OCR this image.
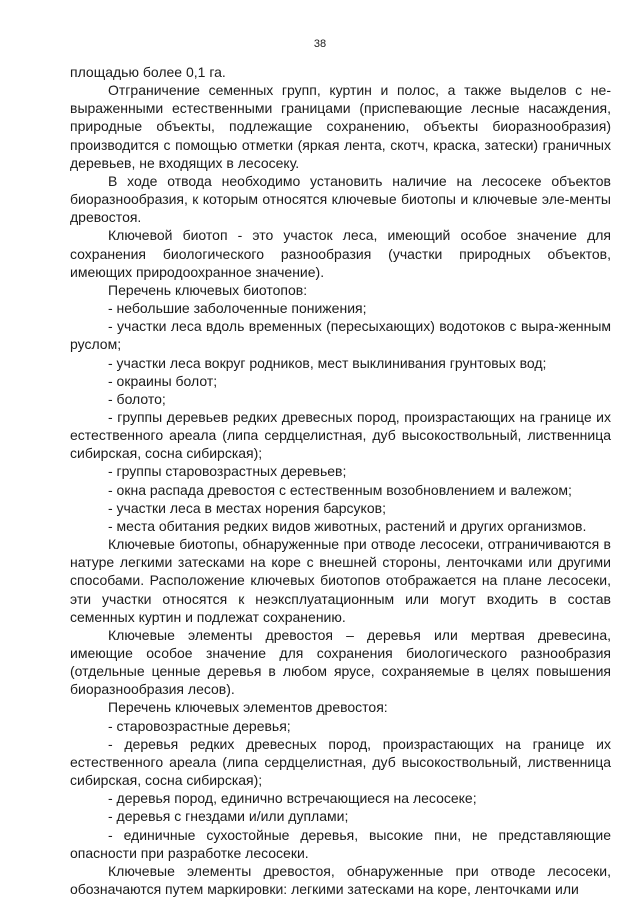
38

площадью более 0,1 га.

Отграничение семенных групп, куртин и полос, а также выделов с не-выраженными естественными границами (приспевающие лесные насаждения, природные объекты, подлежащие сохранению, объекты биоразнообразия) производится с помощью отметки (яркая лента, скотч, краска, затески) граничных деревьев, не входящих в лесосеку.

В ходе отвода необходимо установить наличие на лесосеке объектов биоразнообразия, к которым относятся ключевые биотопы и ключевые эле-менты древостоя.

Ключевой биотоп - это участок леса, имеющий особое значение для сохранения биологического разнообразия (участки природных объектов, имеющих природоохранное значение).

Перечень ключевых биотопов:

- небольшие заболоченные понижения;

- участки леса вдоль временных (пересыхающих) водотоков с выра-женным руслом;

- участки леса вокруг родников, мест выклинивания грунтовых вод;

- окраины болот;

- болото;

- группы деревьев редких древесных пород, произрастающих на границе их естественного ареала (липа сердцелистная, дуб высокоствольный, лиственница сибирская, сосна сибирская);

- группы старовозрастных деревьев;

- окна распада древостоя с естественным возобновлением и валежом;

- участки леса в местах норения барсуков;

- места обитания редких видов животных, растений и других организмов.

Ключевые биотопы, обнаруженные при отводе лесосеки, отграничиваются в натуре легкими затесками на коре с внешней стороны, ленточками или другими способами. Расположение ключевых биотопов отображается на плане лесосеки, эти участки относятся к неэксплуатационным или могут входить в состав семенных куртин и подлежат сохранению.

Ключевые элементы древостоя – деревья или мертвая древесина, имеющие особое значение для сохранения биологического разнообразия (отдельные ценные деревья в любом ярусе, сохраняемые в целях повышения биоразнообразия лесов).

Перечень ключевых элементов древостоя:

- старовозрастные деревья;

- деревья редких древесных пород, произрастающих на границе их естественного ареала (липа сердцелистная, дуб высокоствольный, лиственница сибирская, сосна сибирская);

- деревья пород, единично встречающиеся на лесосеке;

- деревья с гнездами и/или дуплами;

- единичные сухостойные деревья, высокие пни, не представляющие опасности при разработке лесосеки.

Ключевые элементы древостоя, обнаруженные при отводе лесосеки, обозначаются путем маркировки: легкими затесками на коре, ленточками или
